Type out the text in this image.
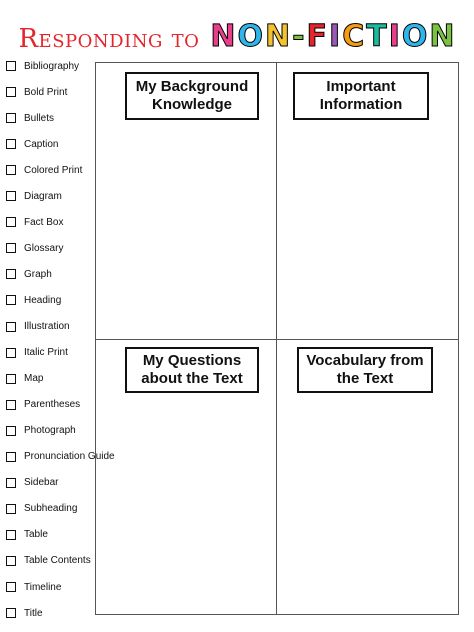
Responding to NON-FICTION
Bibliography
Bold Print
Bullets
Caption
Colored Print
Diagram
Fact Box
Glossary
Graph
Heading
Illustration
Italic Print
Map
Parentheses
Photograph
Pronunciation Guide
Sidebar
Subheading
Table
Table Contents
Timeline
Title
My Background Knowledge
Important Information
My Questions about the Text
Vocabulary from the Text
